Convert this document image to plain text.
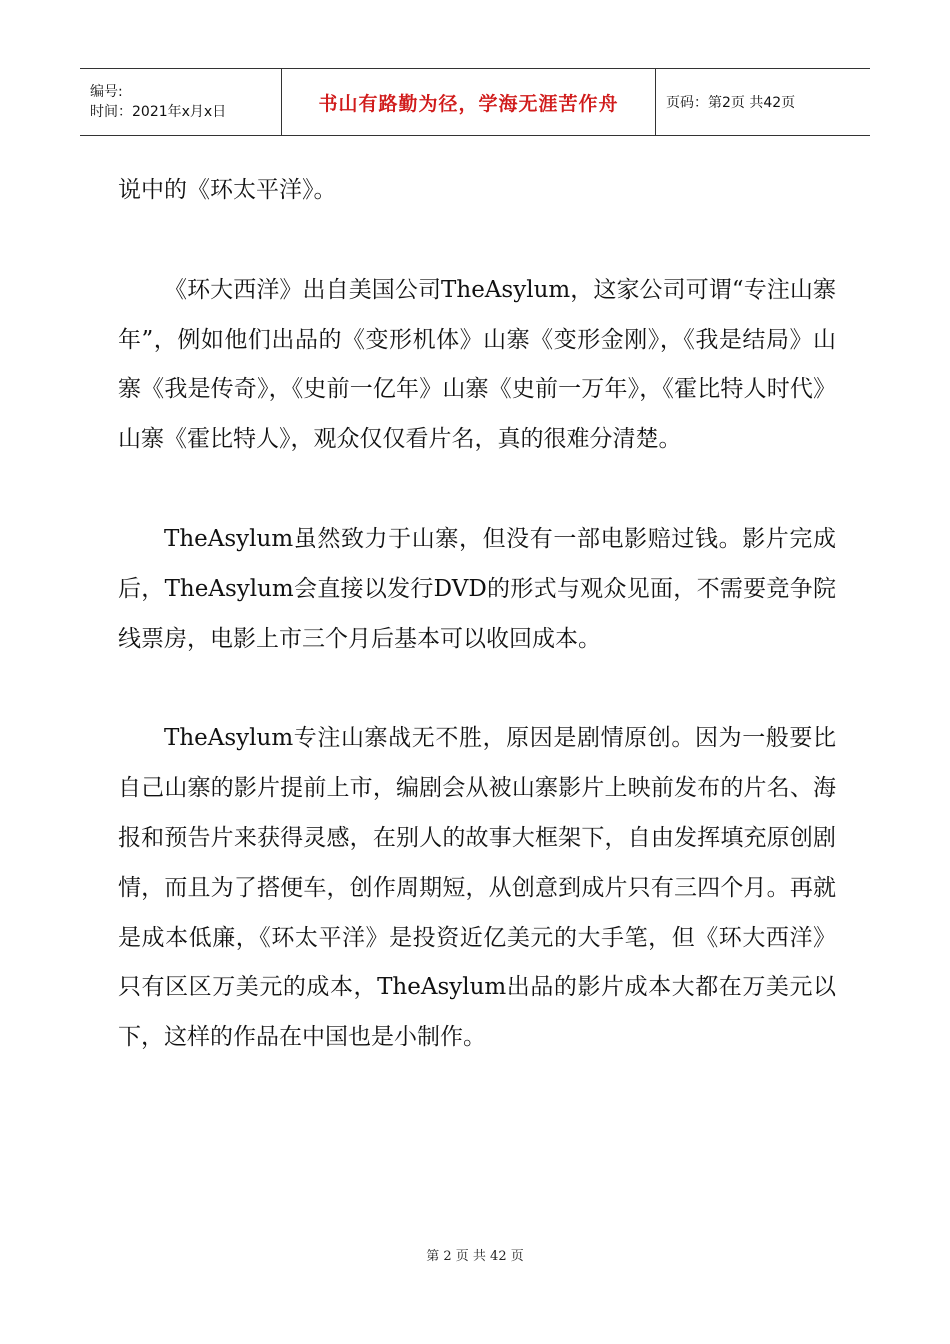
编号:
时间：2021年x月x日	书山有路勤为径，学海无涯苦作舟	页码：第2页 共42页

说中的《环太平洋》。

《环大西洋》出自美国公司TheAsylum，这家公司可谓“专注山寨年”，例如他们出品的《变形机体》山寨《变形金刚》，《我是结局》山寨《我是传奇》，《史前一亿年》山寨《史前一万年》，《霍比特人时代》山寨《霍比特人》，观众仅仅看片名，真的很难分清楚。

TheAsylum虽然致力于山寨，但没有一部电影赔过钱。影片完成后，TheAsylum会直接以发行DVD的形式与观众见面，不需要竞争院线票房，电影上市三个月后基本可以收回成本。

TheAsylum专注山寨战无不胜，原因是剧情原创。因为一般要比自己山寨的影片提前上市，编剧会从被山寨影片上映前发布的片名、海报和预告片来获得灵感，在别人的故事大框架下，自由发挥填充原创剧情，而且为了搭便车，创作周期短，从创意到成片只有三四个月。再就是成本低廉，《环太平洋》是投资近亿美元的大手笔，但《环大西洋》只有区区万美元的成本，TheAsylum出品的影片成本大都在万美元以下，这样的作品在中国也是小制作。

第 2 页 共 42 页
